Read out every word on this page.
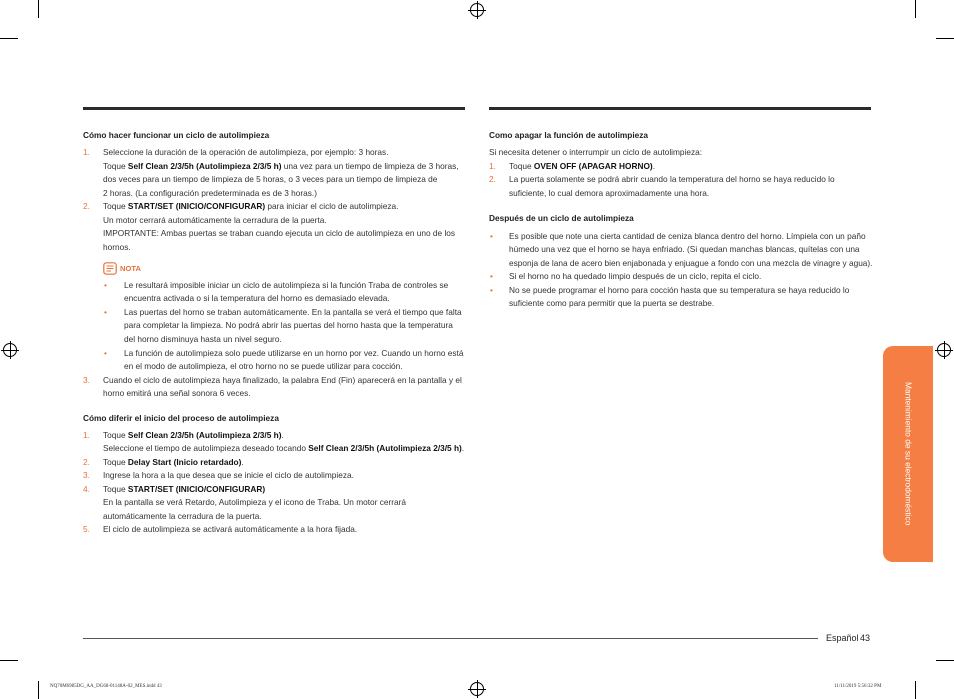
Cómo hacer funcionar un ciclo de autolimpieza
1. Seleccione la duración de la operación de autolimpieza, por ejemplo: 3 horas.
Toque Self Clean 2/3/5h (Autolimpieza 2/3/5 h) una vez para un tiempo de limpieza de 3 horas,
dos veces para un tiempo de limpieza de 5 horas, o 3 veces para un tiempo de limpieza de
2 horas. (La configuración predeterminada es de 3 horas.)
2. Toque START/SET (INICIO/CONFIGURAR) para iniciar el ciclo de autolimpieza.
Un motor cerrará automáticamente la cerradura de la puerta.
IMPORTANTE: Ambas puertas se traban cuando ejecuta un ciclo de autolimpieza en uno de los
hornos.
NOTA
• Le resultará imposible iniciar un ciclo de autolimpieza si la función Traba de controles se
encuentra activada o si la temperatura del horno es demasiado elevada.
• Las puertas del horno se traban automáticamente. En la pantalla se verá el tiempo que falta
para completar la limpieza. No podrá abrir las puertas del horno hasta que la temperatura
del horno disminuya hasta un nivel seguro.
• La función de autolimpieza solo puede utilizarse en un horno por vez. Cuando un horno está
en el modo de autolimpieza, el otro horno no se puede utilizar para cocción.
3. Cuando el ciclo de autolimpieza haya finalizado, la palabra End (Fin) aparecerá en la pantalla y el
horno emitirá una señal sonora 6 veces.
Cómo diferir el inicio del proceso de autolimpieza
1. Toque Self Clean 2/3/5h (Autolimpieza 2/3/5 h).
Seleccione el tiempo de autolimpieza deseado tocando Self Clean 2/3/5h (Autolimpieza 2/3/5 h).
2. Toque Delay Start (Inicio retardado).
3. Ingrese la hora a la que desea que se inicie el ciclo de autolimpieza.
4. Toque START/SET (INICIO/CONFIGURAR)
En la pantalla se verá Retardo, Autolimpieza y el icono de Traba. Un motor cerrará
automáticamente la cerradura de la puerta.
5. El ciclo de autolimpieza se activará automáticamente a la hora fijada.
Como apagar la función de autolimpieza
Si necesita detener o interrumpir un ciclo de autolimpieza:
1. Toque OVEN OFF (APAGAR HORNO).
2. La puerta solamente se podrá abrir cuando la temperatura del horno se haya reducido lo
suficiente, lo cual demora aproximadamente una hora.
Después de un ciclo de autolimpieza
• Es posible que note una cierta cantidad de ceniza blanca dentro del horno. Límpiela con un paño
húmedo una vez que el horno se haya enfriado. (Si quedan manchas blancas, quítelas con una
esponja de lana de acero bien enjabonada y enjuague a fondo con una mezcla de vinagre y agua).
• Si el horno no ha quedado limpio después de un ciclo, repita el ciclo.
• No se puede programar el horno para cocción hasta que su temperatura se haya reducido lo
suficiente como para permitir que la puerta se destrabe.
Mantenimiento de su electrodoméstico
Español 43
NQ70M6985DG_AA_DG68-01148A-02_MES.indd 43	11/11/2019 5:56:32 PM
